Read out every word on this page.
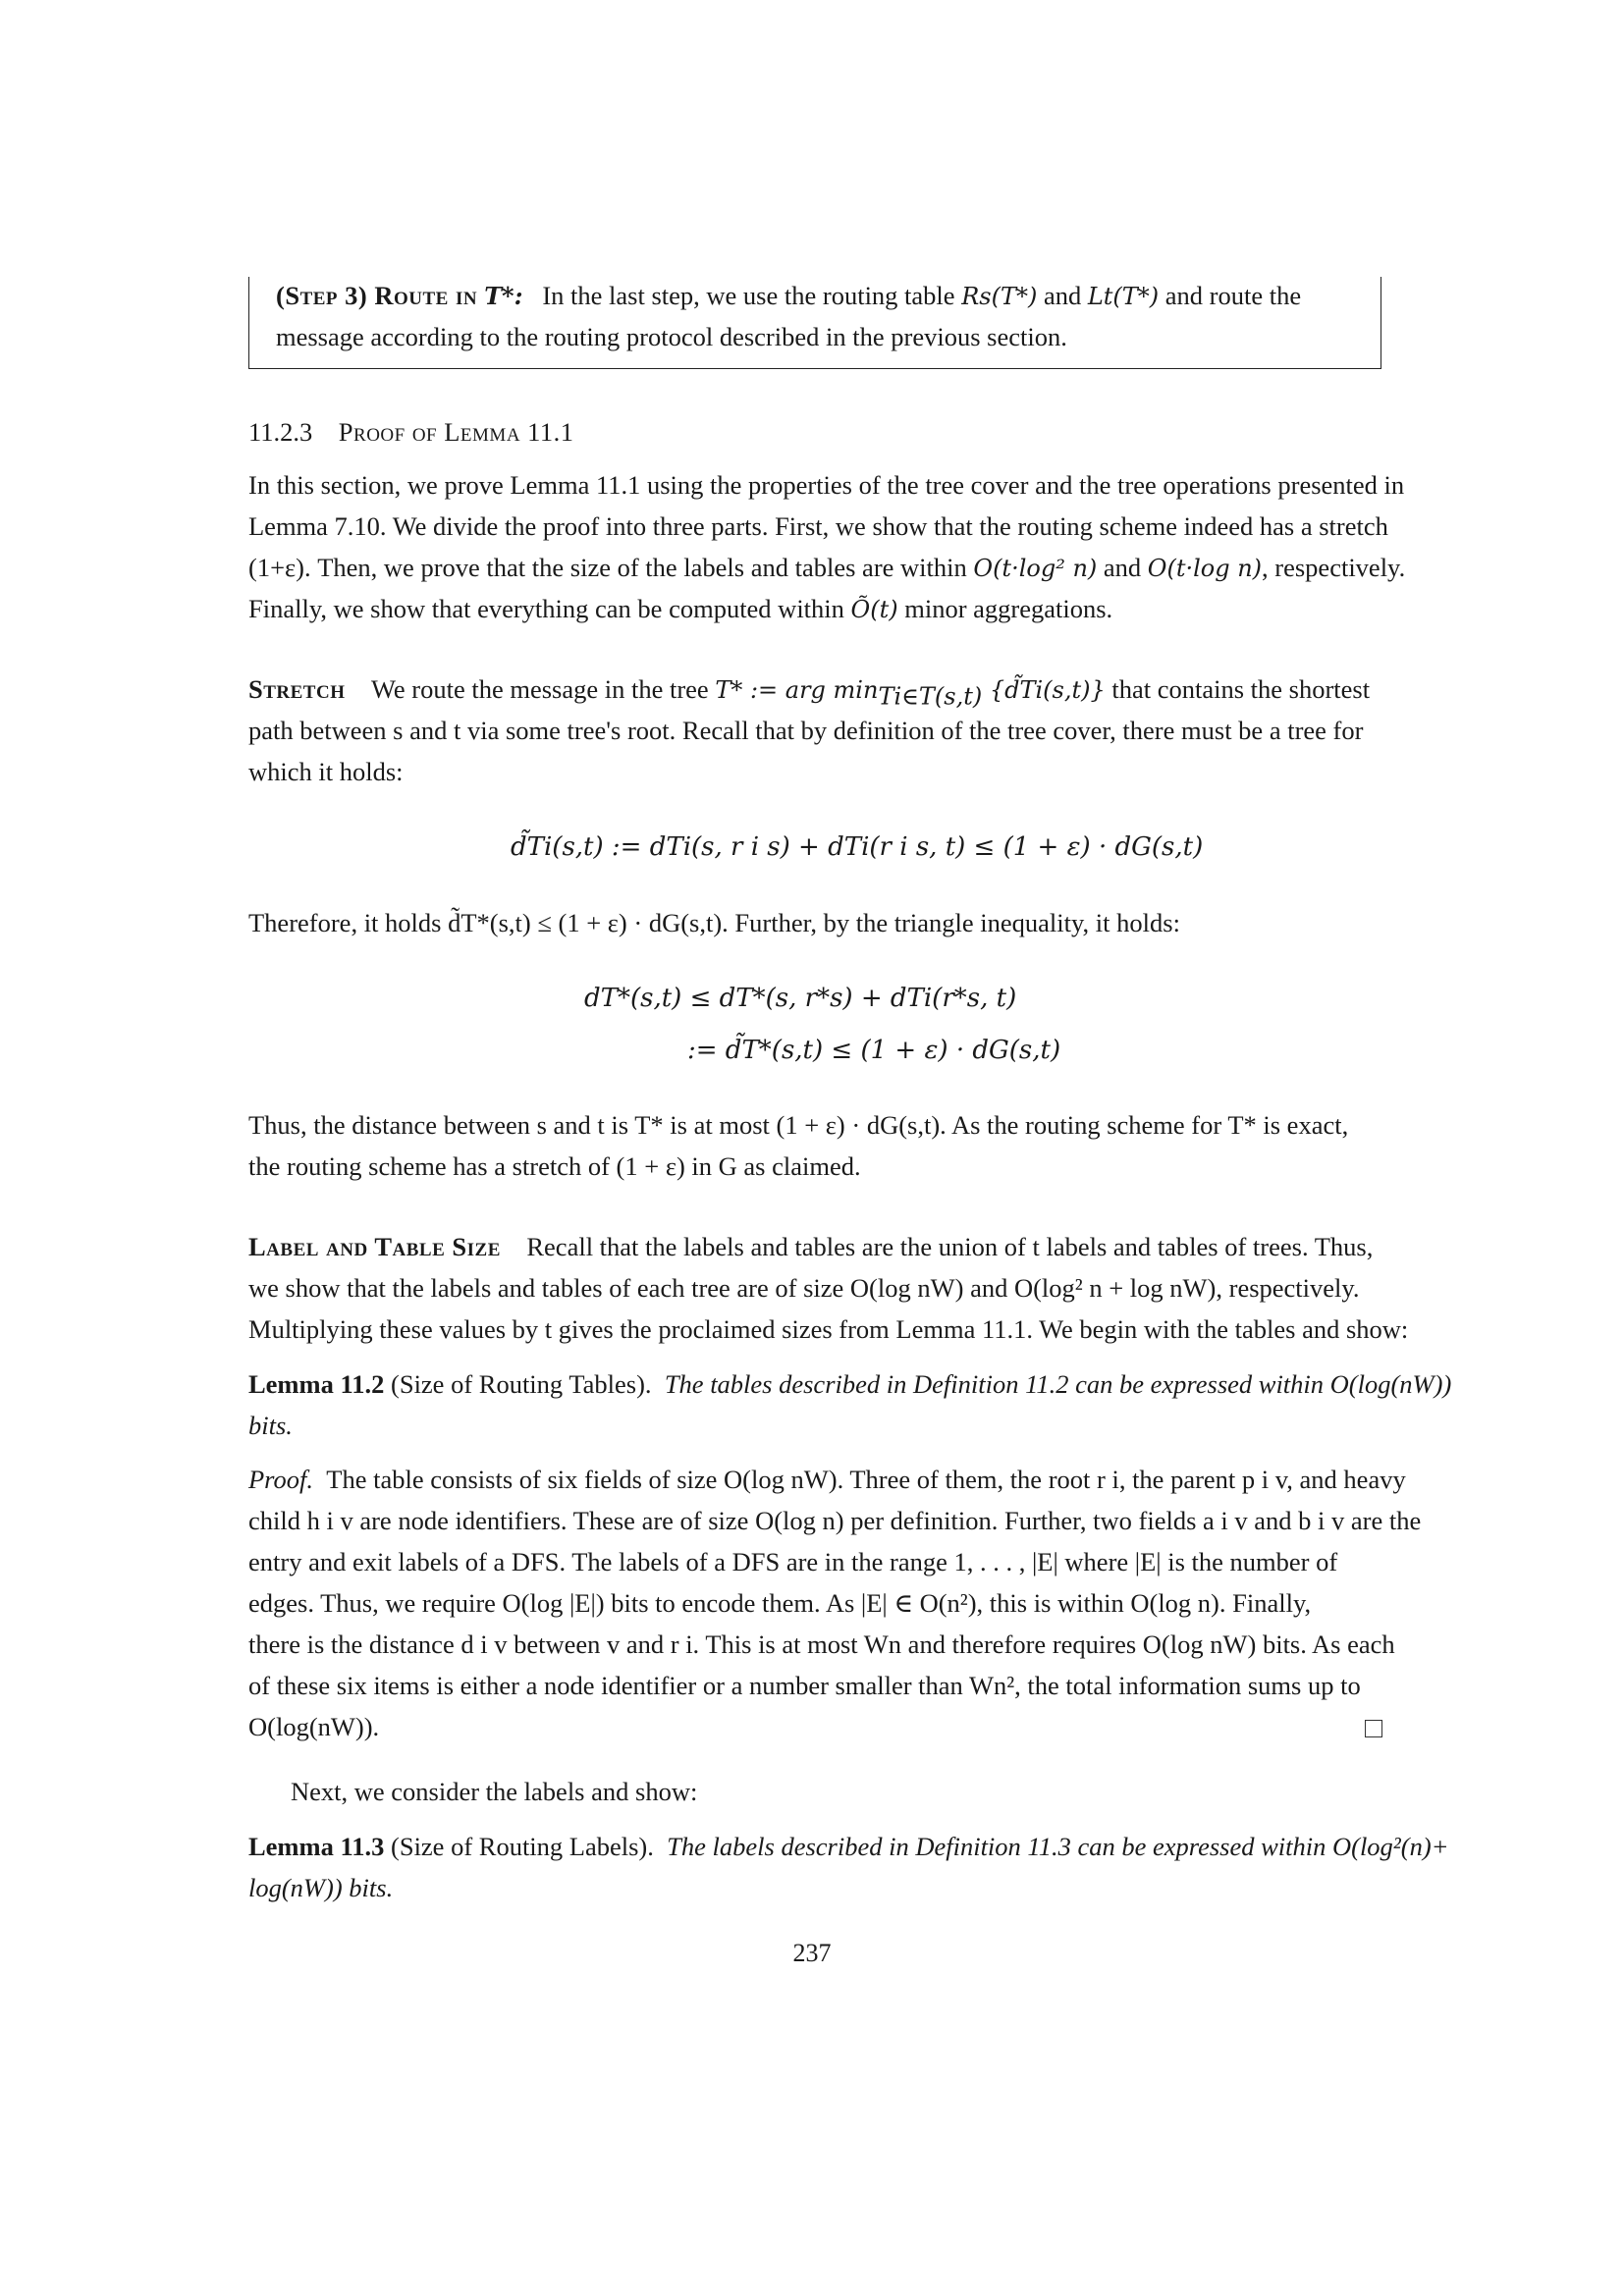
(Step 3) Route in T*: In the last step, we use the routing table Rs(T*) and Lt(T*) and route the
message according to the routing protocol described in the previous section.
11.2.3 Proof of Lemma 11.1
In this section, we prove Lemma 11.1 using the properties of the tree cover and the tree operations presented in
Lemma 7.10. We divide the proof into three parts. First, we show that the routing scheme indeed has a stretch
(1+ε). Then, we prove that the size of the labels and tables are within O(t·log² n) and O(t·log n), respectively.
Finally, we show that everything can be computed within Õ(t) minor aggregations.
Stretch We route the message in the tree T* := arg $\min_{Ti\in T(s,t)}$ {d̃Ti(s,t)} that contains the shortest
path between s and t via some tree's root. Recall that by definition of the tree cover, there must be a tree for
which it holds:
d̃Ti(s,t) := dTi(s, r i s) + dTi(r i s, t) ≤ (1 + ε) · dG(s,t)
Therefore, it holds d̃T*(s,t) ≤ (1 + ε) · dG(s,t). Further, by the triangle inequality, it holds:
dT*(s,t) ≤ dT*(s, r*s) + dTi(r*s, t)
:= d̃T*(s,t) ≤ (1 + ε) · dG(s,t)
Thus, the distance between s and t is T* is at most (1 + ε) · dG(s,t). As the routing scheme for T* is exact,
the routing scheme has a stretch of (1 + ε) in G as claimed.
Label and Table Size Recall that the labels and tables are the union of t labels and tables of trees. Thus,
we show that the labels and tables of each tree are of size O(log nW) and O(log² n + log nW), respectively.
Multiplying these values by t gives the proclaimed sizes from Lemma 11.1. We begin with the tables and show:
Lemma 11.2 (Size of Routing Tables). The tables described in Definition 11.2 can be expressed within O(log(nW))
bits.
Proof. The table consists of six fields of size O(log nW). Three of them, the root r i, the parent p i v, and heavy
child h i v are node identifiers. These are of size O(log n) per definition. Further, two fields a i v and b i v are the
entry and exit labels of a DFS. The labels of a DFS are in the range 1, . . . , |E| where |E| is the number of
edges. Thus, we require O(log |E|) bits to encode them. As |E| ∈ O(n²), this is within O(log n). Finally,
there is the distance d i v between v and r i. This is at most Wn and therefore requires O(log nW) bits. As each
of these six items is either a node identifier or a number smaller than Wn², the total information sums up to
O(log(nW)).
Next, we consider the labels and show:
Lemma 11.3 (Size of Routing Labels). The labels described in Definition 11.3 can be expressed within O(log²(n)+
log(nW)) bits.
237
